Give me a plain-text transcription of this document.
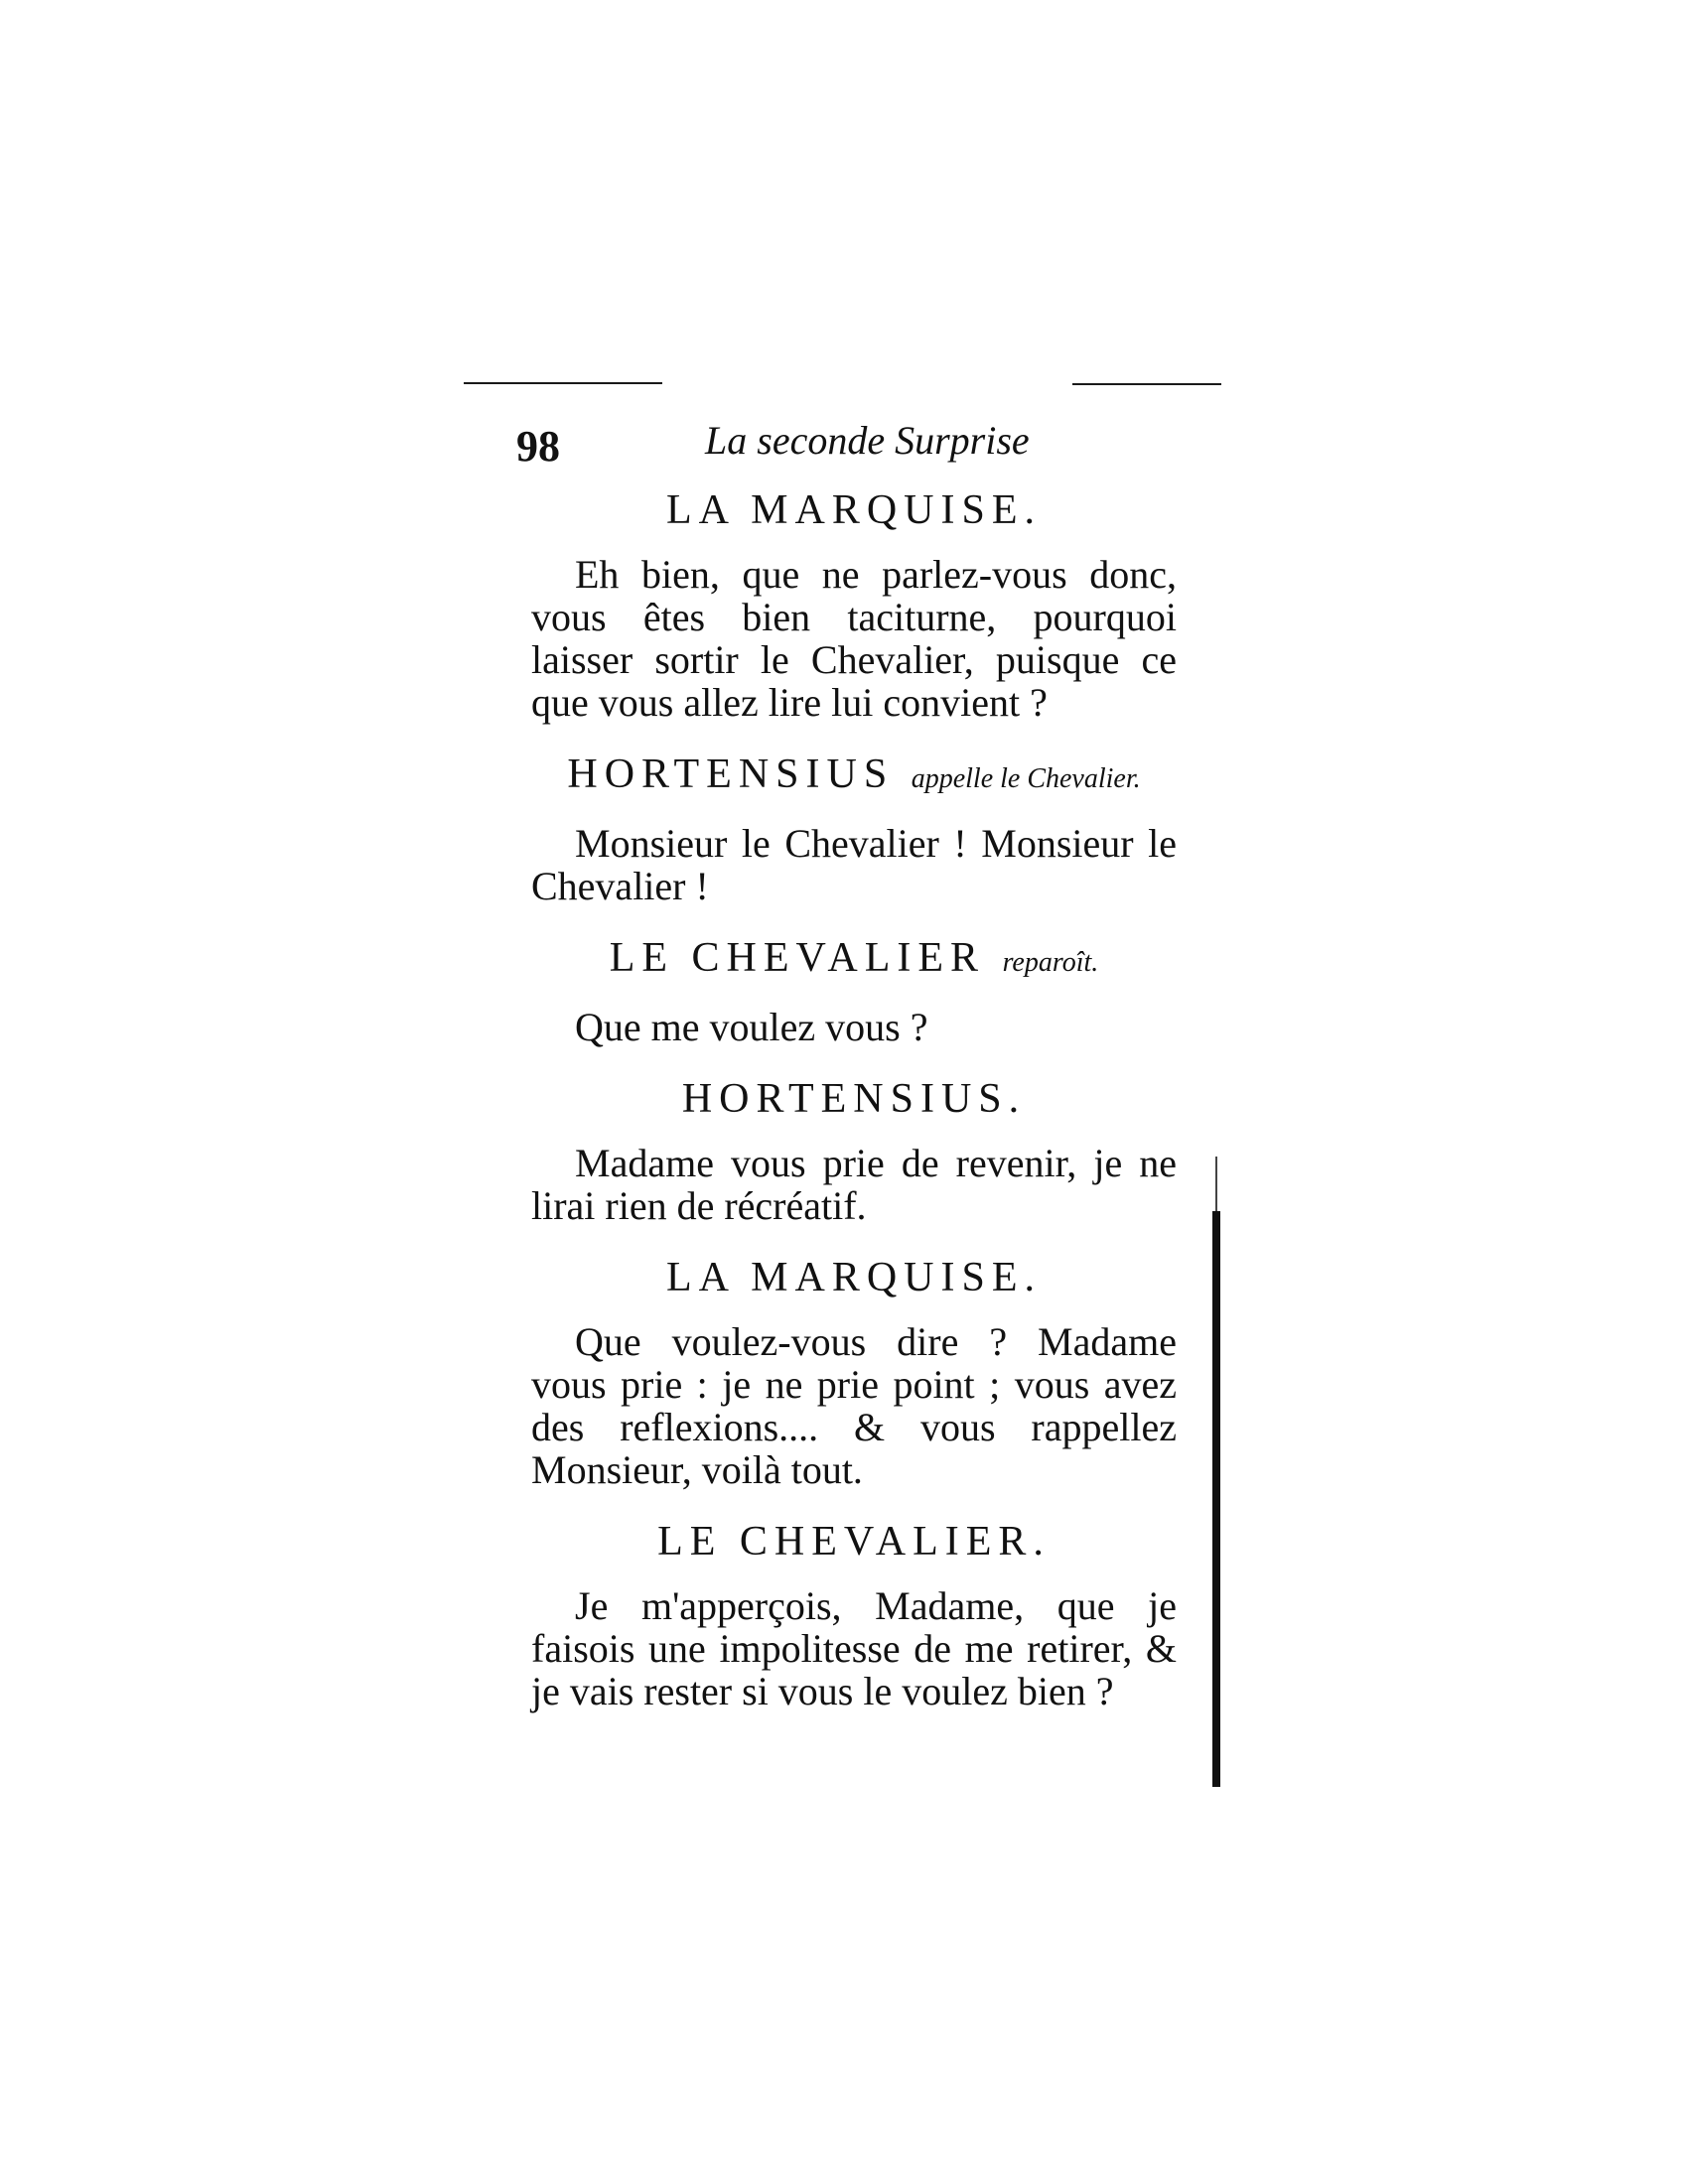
98	La seconde Surprise
LA MARQUISE.

Eh bien, que ne parlez-vous donc, vous êtes bien taciturne, pourquoi laisser sortir le Chevalier, puisque ce que vous allez lire lui convient ?

HORTENSIUS appelle le Chevalier.

Monsieur le Chevalier ! Monsieur le Chevalier !

LE CHEVALIER reparoît.

Que me voulez vous ?

HORTENSIUS.

Madame vous prie de revenir, je ne lirai rien de récréatif.

LA MARQUISE.

Que voulez-vous dire ? Madame vous prie : je ne prie point ; vous avez des reflexions.... & vous rappellez Monsieur, voilà tout.

LE CHEVALIER.

Je m'apperçois, Madame, que je faisois une impolitesse de me retirer, & je vais rester si vous le voulez bien ?
